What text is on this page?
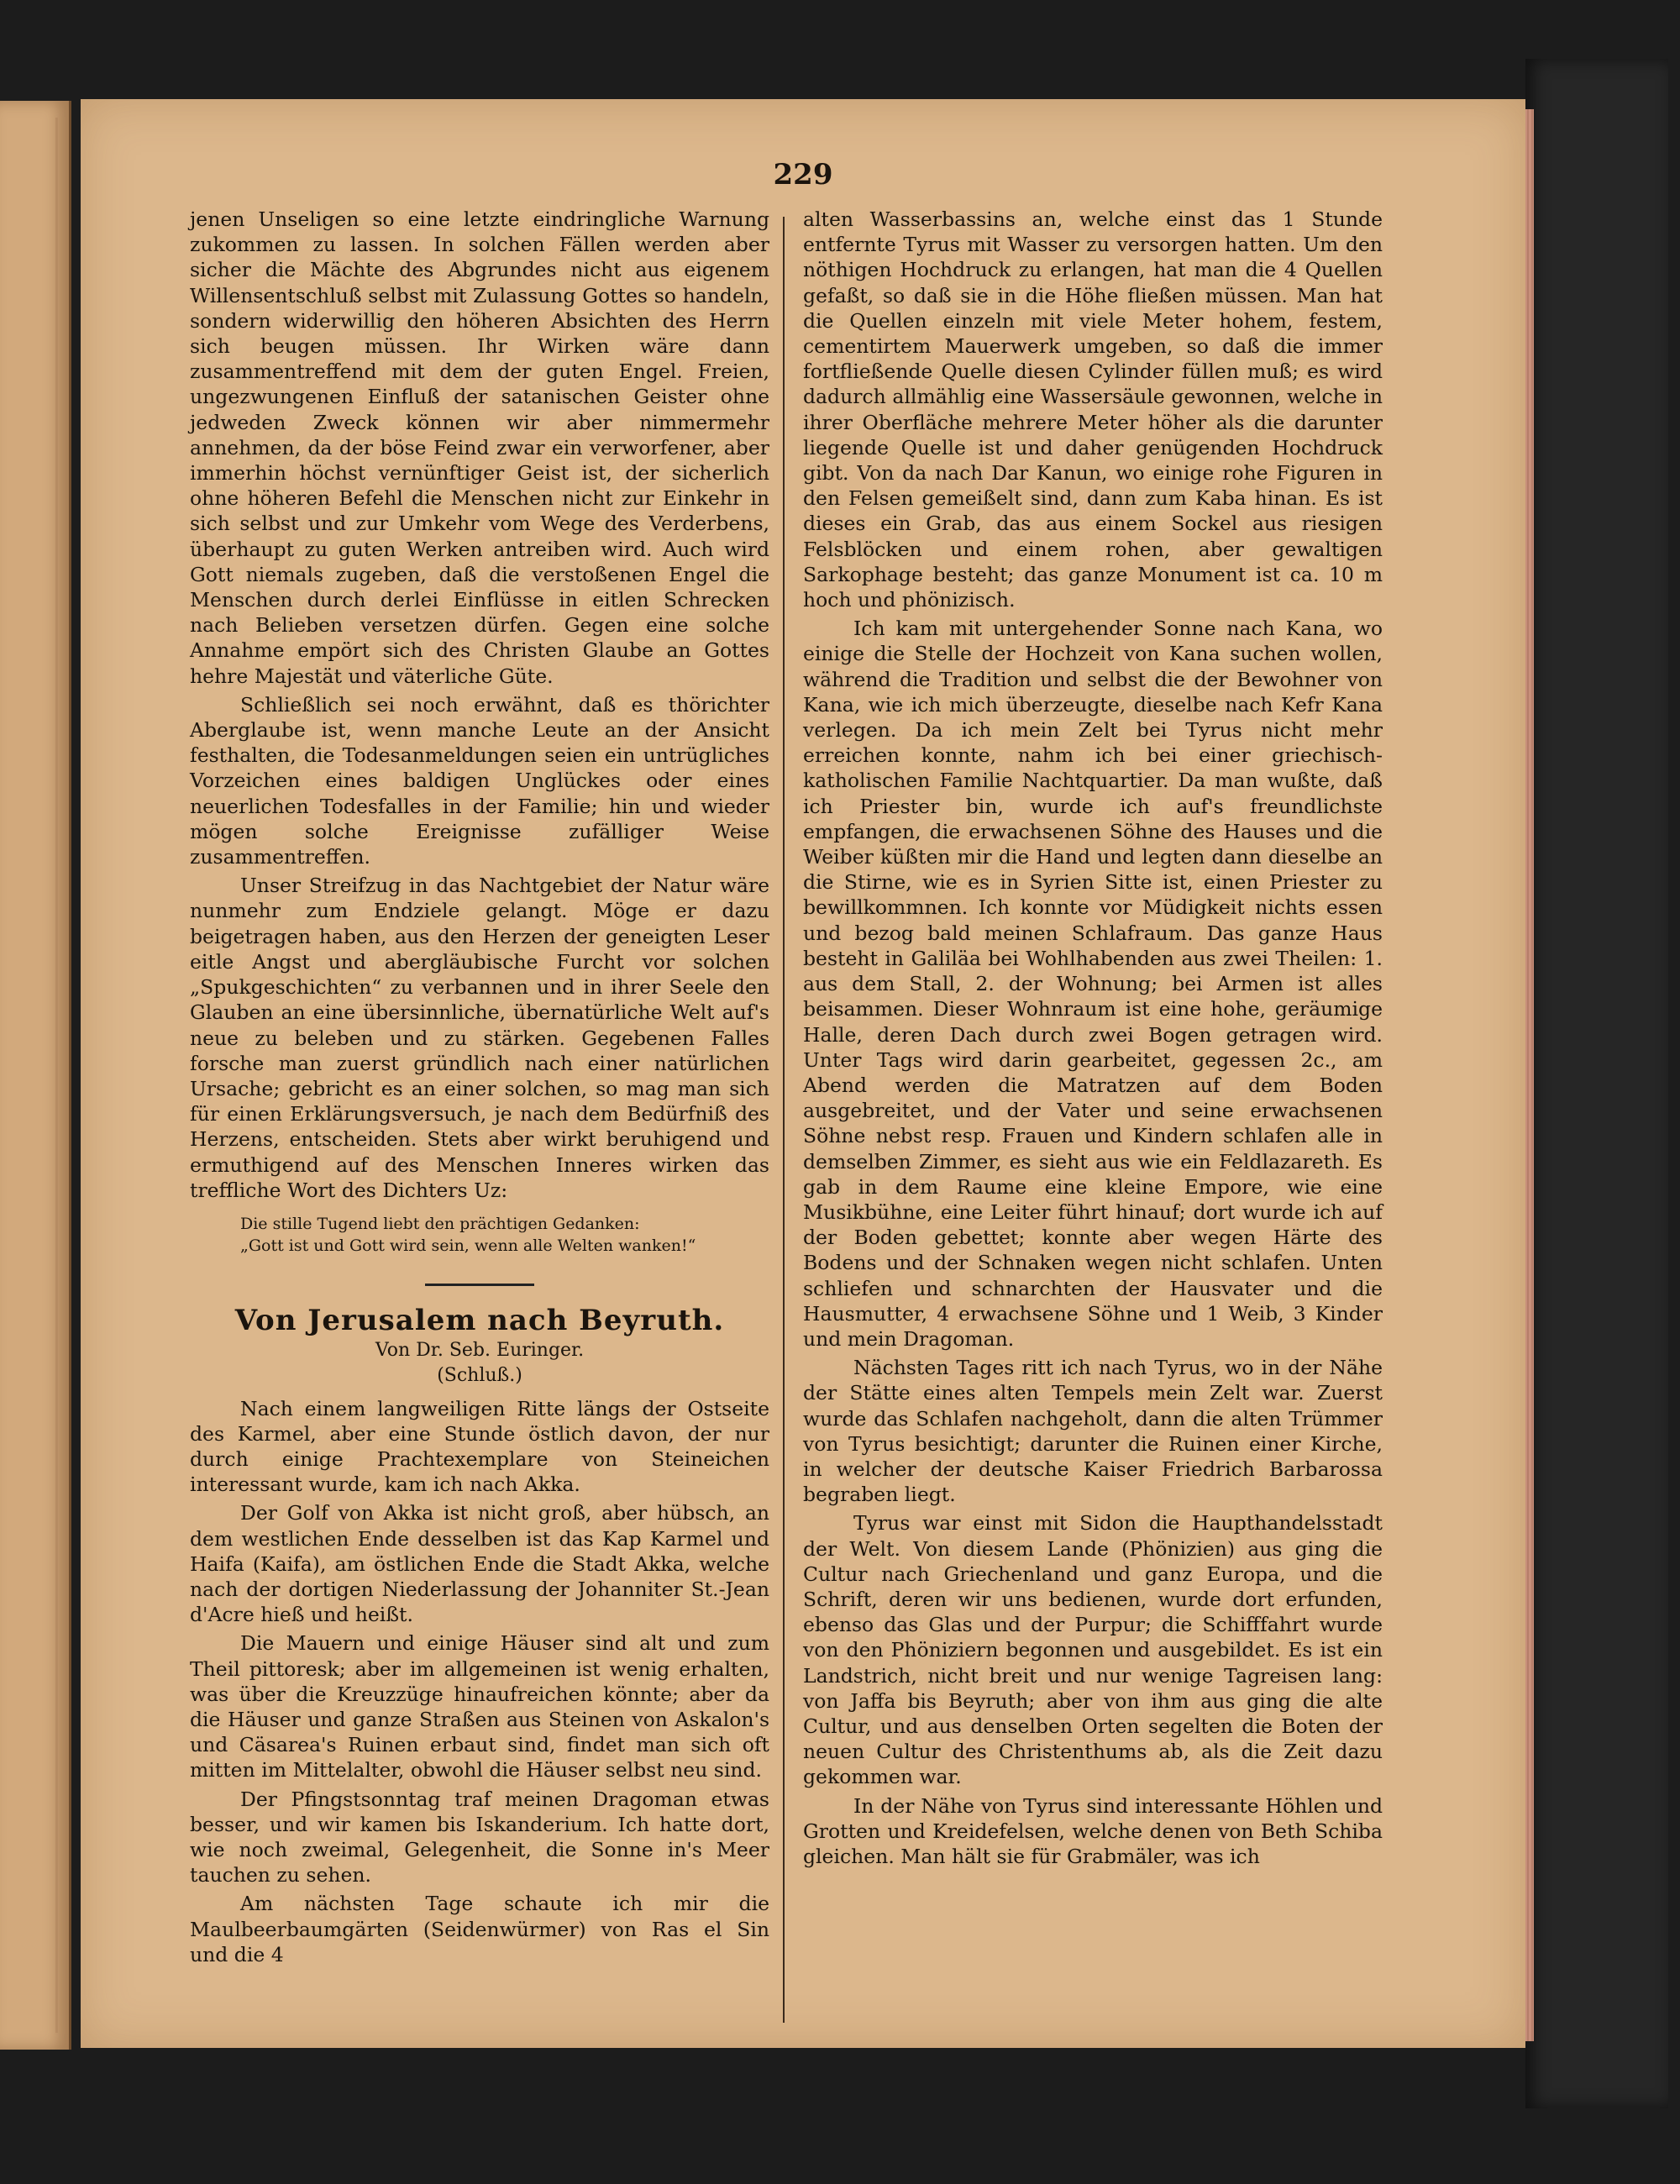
229

jenen Unseligen so eine letzte eindringliche Warnung zukommen zu lassen. In solchen Fällen werden aber sicher die Mächte des Abgrundes nicht aus eigenem Willensentschluß selbst mit Zulassung Gottes so handeln, sondern widerwillig den höheren Absichten des Herrn sich beugen müssen. Ihr Wirken wäre dann zusammentreffend mit dem der guten Engel. Freien, ungezwungenen Einfluß der satanischen Geister ohne jedweden Zweck können wir aber nimmermehr annehmen, da der böse Feind zwar ein verworfener, aber immerhin höchst vernünftiger Geist ist, der sicherlich ohne höheren Befehl die Menschen nicht zur Einkehr in sich selbst und zur Umkehr vom Wege des Verderbens, überhaupt zu guten Werken antreiben wird. Auch wird Gott niemals zugeben, daß die verstoßenen Engel die Menschen durch derlei Einflüsse in eitlen Schrecken nach Belieben versetzen dürfen. Gegen eine solche Annahme empört sich des Christen Glaube an Gottes hehre Majestät und väterliche Güte.

Schließlich sei noch erwähnt, daß es thörichter Aberglaube ist, wenn manche Leute an der Ansicht festhalten, die Todesanmeldungen seien ein untrügliches Vorzeichen eines baldigen Unglückes oder eines neuerlichen Todesfalles in der Familie; hin und wieder mögen solche Ereignisse zufälliger Weise zusammentreffen.

Unser Streifzug in das Nachtgebiet der Natur wäre nunmehr zum Endziele gelangt. Möge er dazu beigetragen haben, aus den Herzen der geneigten Leser eitle Angst und abergläubische Furcht vor solchen „Spukgeschichten“ zu verbannen und in ihrer Seele den Glauben an eine übersinnliche, übernatürliche Welt auf's neue zu beleben und zu stärken. Gegebenen Falles forsche man zuerst gründlich nach einer natürlichen Ursache; gebricht es an einer solchen, so mag man sich für einen Erklärungsversuch, je nach dem Bedürfniß des Herzens, entscheiden. Stets aber wirkt beruhigend und ermuthigend auf des Menschen Inneres wirken das treffliche Wort des Dichters Uz:

Die stille Tugend liebt den prächtigen Gedanken:
„Gott ist und Gott wird sein, wenn alle Welten wanken!“
Von Jerusalem nach Beyruth.
Von Dr. Seb. Euringer.
(Schluß.)

Nach einem langweiligen Ritte längs der Ostseite des Karmel, aber eine Stunde östlich davon, der nur durch einige Prachtexemplare von Steineichen interessant wurde, kam ich nach Akka.

Der Golf von Akka ist nicht groß, aber hübsch, an dem westlichen Ende desselben ist das Kap Karmel und Haifa (Kaifa), am östlichen Ende die Stadt Akka, welche nach der dortigen Niederlassung der Johanniter St.-Jean d'Acre hieß und heißt.

Die Mauern und einige Häuser sind alt und zum Theil pittoresk; aber im allgemeinen ist wenig erhalten, was über die Kreuzzüge hinaufreichen könnte; aber da die Häuser und ganze Straßen aus Steinen von Askalon's und Cäsarea's Ruinen erbaut sind, findet man sich oft mitten im Mittelalter, obwohl die Häuser selbst neu sind.

Der Pfingstsonntag traf meinen Dragoman etwas besser, und wir kamen bis Iskanderium. Ich hatte dort, wie noch zweimal, Gelegenheit, die Sonne in's Meer tauchen zu sehen.

Am nächsten Tage schaute ich mir die Maulbeerbaumgärten (Seidenwürmer) von Ras el Sin und die 4

alten Wasserbassins an, welche einst das 1 Stunde entfernte Tyrus mit Wasser zu versorgen hatten. Um den nöthigen Hochdruck zu erlangen, hat man die 4 Quellen gefaßt, so daß sie in die Höhe fließen müssen. Man hat die Quellen einzeln mit viele Meter hohem, festem, cementirtem Mauerwerk umgeben, so daß die immer fortfließende Quelle diesen Cylinder füllen muß; es wird dadurch allmählig eine Wassersäule gewonnen, welche in ihrer Oberfläche mehrere Meter höher als die darunter liegende Quelle ist und daher genügenden Hochdruck gibt. Von da nach Dar Kanun, wo einige rohe Figuren in den Felsen gemeißelt sind, dann zum Kaba hinan. Es ist dieses ein Grab, das aus einem Sockel aus riesigen Felsblöcken und einem rohen, aber gewaltigen Sarkophage besteht; das ganze Monument ist ca. 10 m hoch und phönizisch.

Ich kam mit untergehender Sonne nach Kana, wo einige die Stelle der Hochzeit von Kana suchen wollen, während die Tradition und selbst die der Bewohner von Kana, wie ich mich überzeugte, dieselbe nach Kefr Kana verlegen. Da ich mein Zelt bei Tyrus nicht mehr erreichen konnte, nahm ich bei einer griechisch-katholischen Familie Nachtquartier. Da man wußte, daß ich Priester bin, wurde ich auf's freundlichste empfangen, die erwachsenen Söhne des Hauses und die Weiber küßten mir die Hand und legten dann dieselbe an die Stirne, wie es in Syrien Sitte ist, einen Priester zu bewillkommnen. Ich konnte vor Müdigkeit nichts essen und bezog bald meinen Schlafraum. Das ganze Haus besteht in Galiläa bei Wohlhabenden aus zwei Theilen: 1. aus dem Stall, 2. der Wohnung; bei Armen ist alles beisammen. Dieser Wohnraum ist eine hohe, geräumige Halle, deren Dach durch zwei Bogen getragen wird. Unter Tags wird darin gearbeitet, gegessen 2c., am Abend werden die Matratzen auf dem Boden ausgebreitet, und der Vater und seine erwachsenen Söhne nebst resp. Frauen und Kindern schlafen alle in demselben Zimmer, es sieht aus wie ein Feldlazareth. Es gab in dem Raume eine kleine Empore, wie eine Musikbühne, eine Leiter führt hinauf; dort wurde ich auf der Boden gebettet; konnte aber wegen Härte des Bodens und der Schnaken wegen nicht schlafen. Unten schliefen und schnarchten der Hausvater und die Hausmutter, 4 erwachsene Söhne und 1 Weib, 3 Kinder und mein Dragoman.

Nächsten Tages ritt ich nach Tyrus, wo in der Nähe der Stätte eines alten Tempels mein Zelt war. Zuerst wurde das Schlafen nachgeholt, dann die alten Trümmer von Tyrus besichtigt; darunter die Ruinen einer Kirche, in welcher der deutsche Kaiser Friedrich Barbarossa begraben liegt.

Tyrus war einst mit Sidon die Haupthandelsstadt der Welt. Von diesem Lande (Phönizien) aus ging die Cultur nach Griechenland und ganz Europa, und die Schrift, deren wir uns bedienen, wurde dort erfunden, ebenso das Glas und der Purpur; die Schifffahrt wurde von den Phöniziern begonnen und ausgebildet. Es ist ein Landstrich, nicht breit und nur wenige Tagreisen lang: von Jaffa bis Beyruth; aber von ihm aus ging die alte Cultur, und aus denselben Orten segelten die Boten der neuen Cultur des Christenthums ab, als die Zeit dazu gekommen war.

In der Nähe von Tyrus sind interessante Höhlen und Grotten und Kreidefelsen, welche denen von Beth Schiba gleichen. Man hält sie für Grabmäler, was ich
